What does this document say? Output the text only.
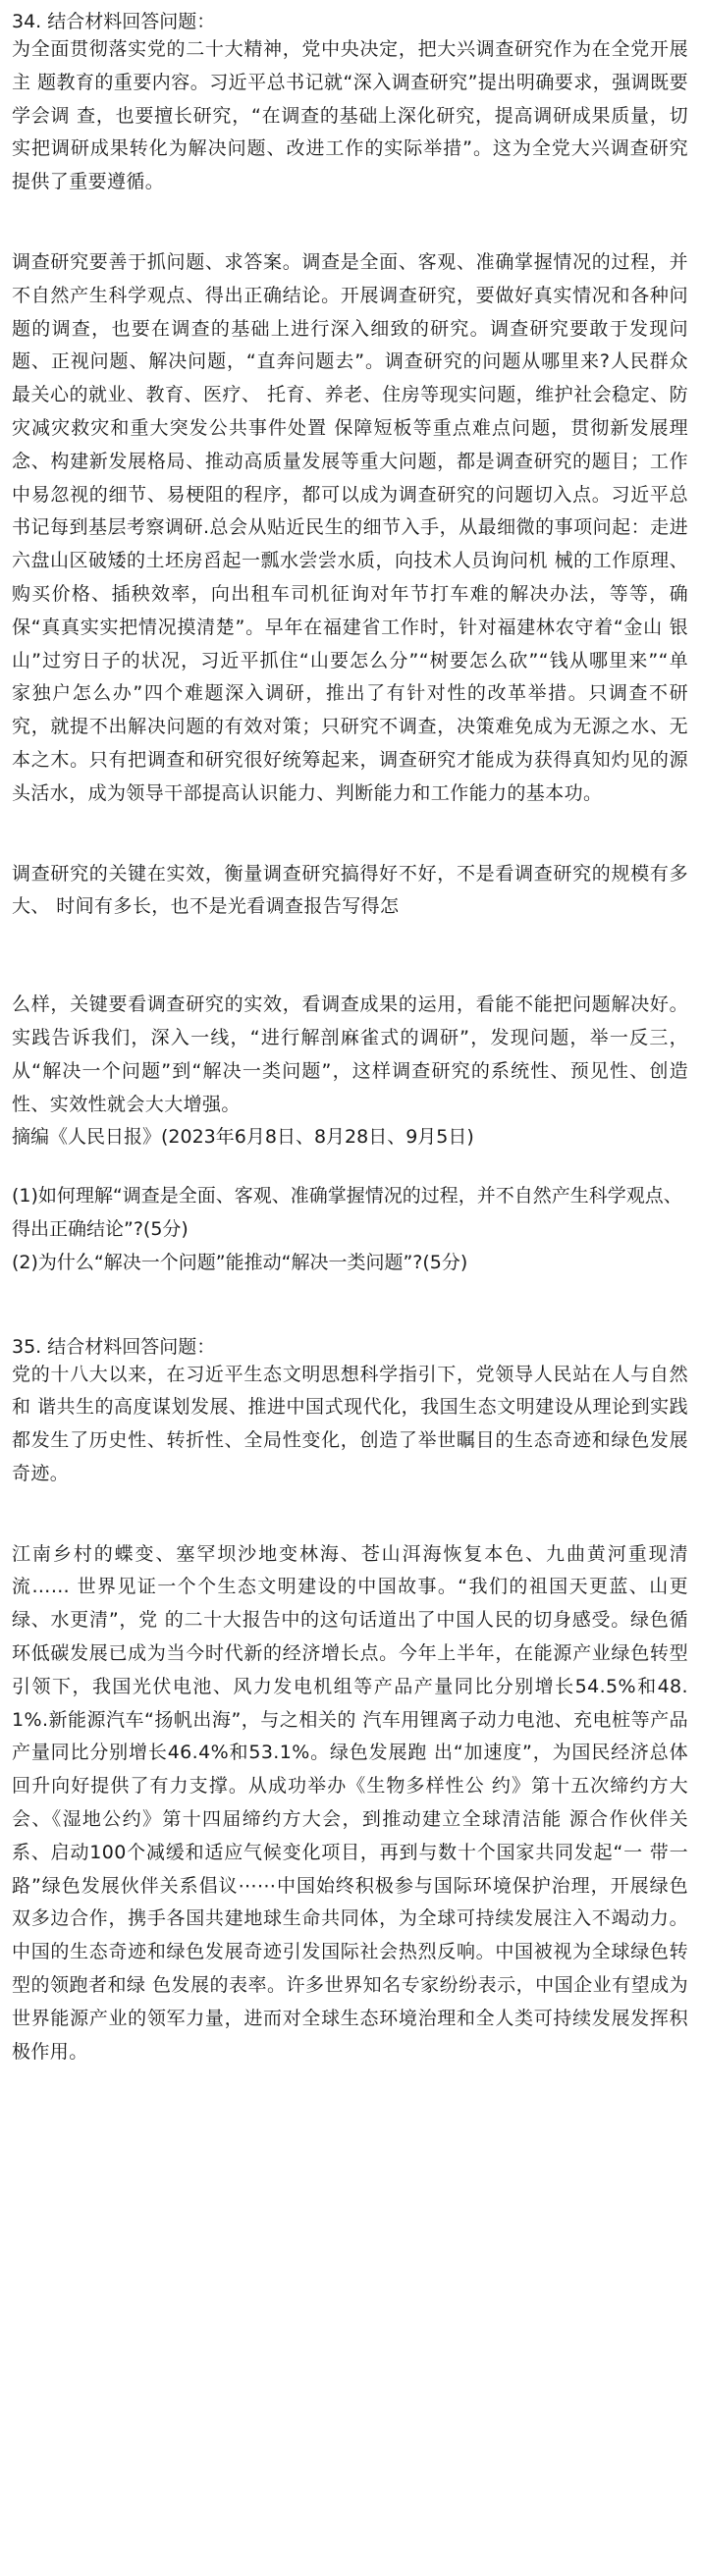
34. 结合材料回答问题：

为全面贯彻落实党的二十大精神，党中央决定，把大兴调查研究作为在全党开展主 题教育的重要内容。习近平总书记就“深入调查研究”提出明确要求，强调既要学会调 查，也要擅长研究，“在调查的基础上深化研究，提高调研成果质量，切实把调研成果转化为解决问题、改进工作的实际举措”。这为全党大兴调查研究提供了重要遵循。

调查研究要善于抓问题、求答案。调查是全面、客观、准确掌握情况的过程，并不自然产生科学观点、得出正确结论。开展调查研究，要做好真实情况和各种问题的调查，也要在调查的基础上进行深入细致的研究。调查研究要敢于发现问题、正视问题、解决问题，“直奔问题去”。调查研究的问题从哪里来?人民群众最关心的就业、教育、医疗、 托育、养老、住房等现实问题，维护社会稳定、防灾减灾救灾和重大突发公共事件处置 保障短板等重点难点问题，贯彻新发展理念、构建新发展格局、推动高质量发展等重大问题，都是调查研究的题目；工作中易忽视的细节、易梗阻的程序，都可以成为调查研究的问题切入点。习近平总书记每到基层考察调研.总会从贴近民生的细节入手，从最细微的事项问起：走进六盘山区破矮的土坯房舀起一瓢水尝尝水质，向技术人员询问机 械的工作原理、购买价格、插秧效率，向出租车司机征询对年节打车难的解决办法，等等，确保“真真实实把情况摸清楚”。早年在福建省工作时，针对福建林农守着“金山 银山”过穷日子的状况，习近平抓住“山要怎么分”“树要怎么砍”“钱从哪里来”“单 家独户怎么办”四个难题深入调研，推出了有针对性的改革举措。只调查不研究，就提不出解决问题的有效对策；只研究不调查，决策难免成为无源之水、无本之木。只有把调查和研究很好统筹起来，调查研究才能成为获得真知灼见的源头活水，成为领导干部提高认识能力、判断能力和工作能力的基本功。

调查研究的关键在实效，衡量调查研究搞得好不好，不是看调查研究的规模有多大、 时间有多长，也不是光看调查报告写得怎

么样，关键要看调查研究的实效，看调查成果的运用，看能不能把问题解决好。实践告诉我们，深入一线，“进行解剖麻雀式的调研”，发现问题，举一反三，从“解决一个问题”到“解决一类问题”，这样调查研究的系统性、预见性、创造性、实效性就会大大增强。

摘编《人民日报》(2023年6月8日、8月28日、9月5日)

(1)如何理解“调查是全面、客观、准确掌握情况的过程，并不自然产生科学观点、得出正确结论”?(5分)

(2)为什么“解决一个问题”能推动“解决一类问题”?(5分)

35. 结合材料回答问题：

党的十八大以来，在习近平生态文明思想科学指引下，党领导人民站在人与自然和 谐共生的高度谋划发展、推进中国式现代化，我国生态文明建设从理论到实践都发生了历史性、转折性、全局性变化，创造了举世瞩目的生态奇迹和绿色发展奇迹。

江南乡村的蝶变、塞罕坝沙地变林海、苍山洱海恢复本色、九曲黄河重现清流…… 世界见证一个个生态文明建设的中国故事。“我们的祖国天更蓝、山更绿、水更清”，党 的二十大报告中的这句话道出了中国人民的切身感受。绿色循环低碳发展已成为当今时代新的经济增长点。今年上半年，在能源产业绿色转型引领下，我国光伏电池、风力发电机组等产品产量同比分别增长54.5%和48.1%.新能源汽车“扬帆出海”，与之相关的 汽车用锂离子动力电池、充电桩等产品产量同比分别增长46.4%和53.1%。绿色发展跑 出“加速度”，为国民经济总体回升向好提供了有力支撑。从成功举办《生物多样性公 约》第十五次缔约方大会、《湿地公约》第十四届缔约方大会，到推动建立全球清洁能 源合作伙伴关系、启动100个减缓和适应气候变化项目，再到与数十个国家共同发起“一 带一路”绿色发展伙伴关系倡议⋯⋯中国始终积极参与国际环境保护治理，开展绿色双多边合作，携手各国共建地球生命共同体，为全球可持续发展注入不竭动力。中国的生态奇迹和绿色发展奇迹引发国际社会热烈反响。中国被视为全球绿色转型的领跑者和绿 色发展的表率。许多世界知名专家纷纷表示，中国企业有望成为世界能源产业的领军力量，进而对全球生态环境治理和全人类可持续发展发挥积极作用。
